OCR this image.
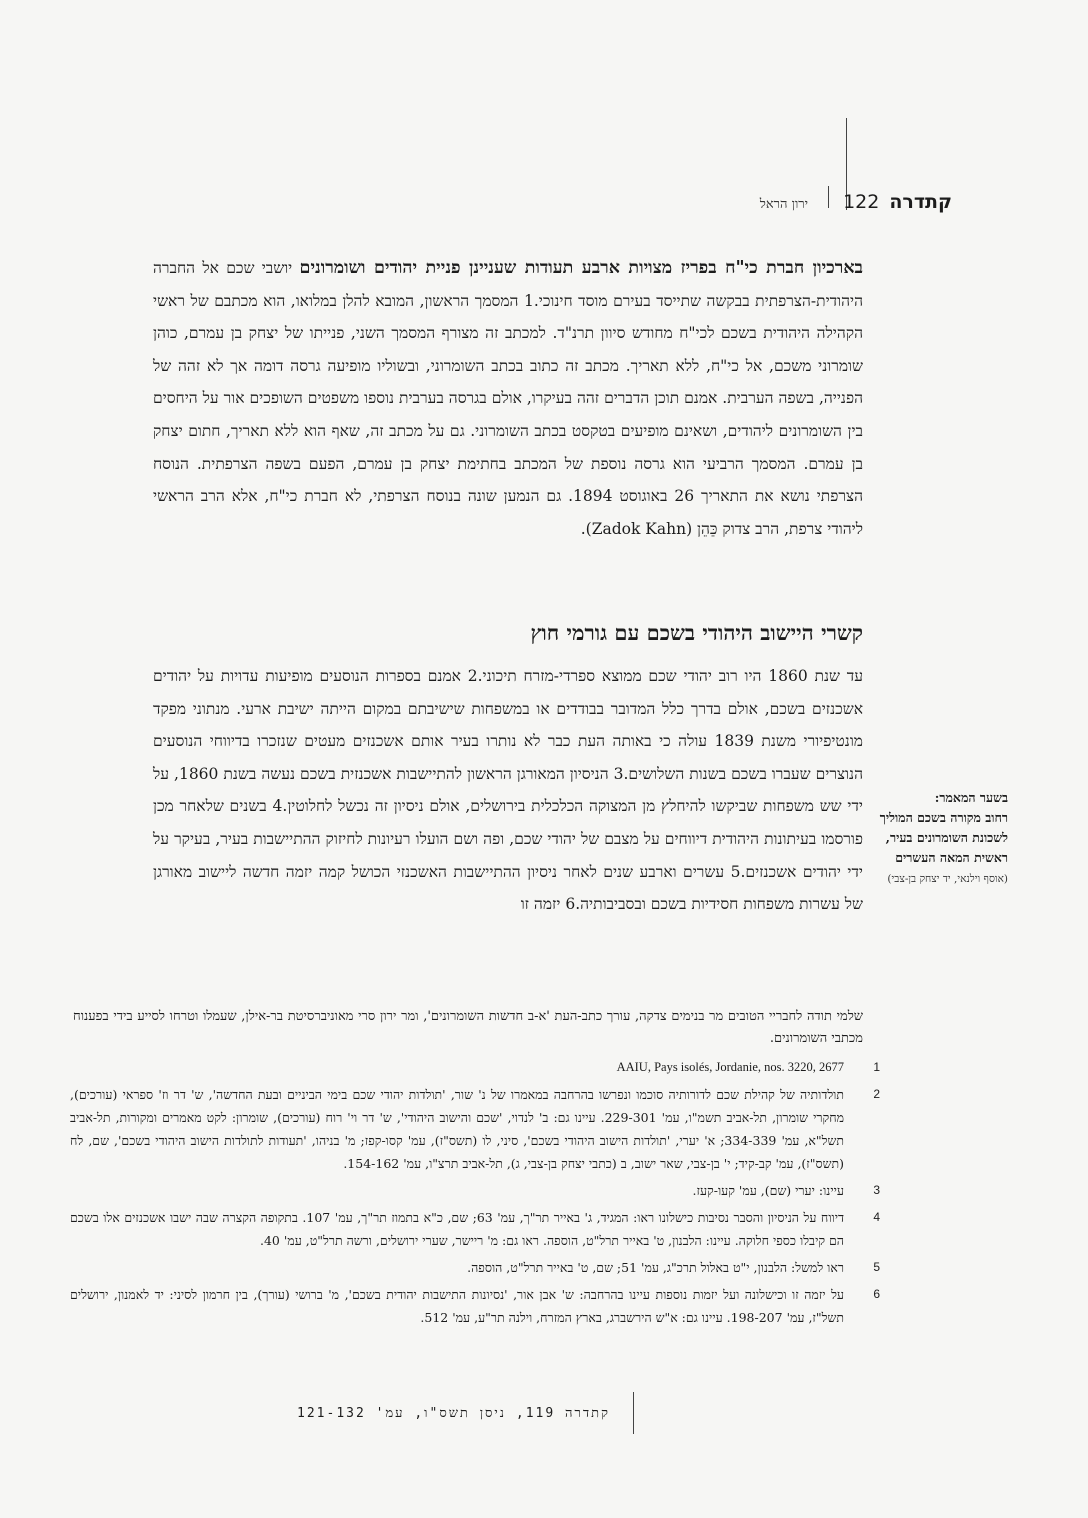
קתדרה
122
ירון הראל

בארכיון חברת כי"ח בפריז מצויות ארבע תעודות שעניינן פניית יהודים ושומרונים יושבי שכם אל החברה היהודית-הצרפתית בבקשה שתייסד בעירם מוסד חינוכי.1 המסמך הראשון, המובא להלן במלואו, הוא מכתבם של ראשי הקהילה היהודית בשכם לכי"ח מחודש סיוון תרנ"ד. למכתב זה מצורף המסמך השני, פנייתו של יצחק בן עמרם, כוהן שומרוני משכם, אל כי"ח, ללא תאריך. מכתב זה כתוב בכתב השומרוני, ובשוליו מופיעה גרסה דומה אך לא זהה של הפנייה, בשפה הערבית. אמנם תוכן הדברים זהה בעיקרו, אולם בגרסה בערבית נוספו משפטים השופכים אור על היחסים בין השומרונים ליהודים, ושאינם מופיעים בטקסט בכתב השומרוני. גם על מכתב זה, שאף הוא ללא תאריך, חתום יצחק בן עמרם. המסמך הרביעי הוא גרסה נוספת של המכתב בחתימת יצחק בן עמרם, הפעם בשפה הצרפתית. הנוסח הצרפתי נושא את התאריך 26 באוגוסט 1894. גם הנמען שונה בנוסח הצרפתי, לא חברת כי"ח, אלא הרב הראשי ליהודי צרפת, הרב צדוק כֵּהֵן (Zadok Kahn).

קשרי היישוב היהודי בשכם עם גורמי חוץ

עד שנת 1860 היו רוב יהודי שכם ממוצא ספרדי-מזרח תיכוני.2 אמנם בספרות הנוסעים מופיעות עדויות על יהודים אשכנזים בשכם, אולם בדרך כלל המדובר בבודדים או במשפחות שישיבתם במקום הייתה ישיבת ארעי. מנתוני מפקד מונטיפיורי משנת 1839 עולה כי באותה העת כבר לא נותרו בעיר אותם אשכנזים מעטים שנזכרו בדיווחי הנוסעים הנוצרים שעברו בשכם בשנות השלושים.3 הניסיון המאורגן הראשון להתיישבות אשכנזית בשכם נעשה בשנת 1860, על ידי שש משפחות שביקשו להיחלץ מן המצוקה הכלכלית בירושלים, אולם ניסיון זה נכשל לחלוטין.4 בשנים שלאחר מכן פורסמו בעיתונות היהודית דיווחים על מצבם של יהודי שכם, ופה ושם הועלו רעיונות לחיזוק ההתיישבות בעיר, בעיקר על ידי יהודים אשכנזים.5 עשרים וארבע שנים לאחר ניסיון ההתיישבות האשכנזי הכושל קמה יזמה חדשה ליישוב מאורגן של עשרות משפחות חסידיות בשכם ובסביבותיה.6 יזמה זו

בשער המאמר:
רחוב מקורה בשכם המוליך לשכונת השומרונים בעיר, ראשית המאה העשרים
(אוסף וילנאי, יד יצחק בן-צבי)
שלמי תודה לחבריי הטובים מר בנימים צדקה, עורך כתב-העת 'א-ב חדשות השומרונים', ומר ירון סרי מאוניברסיטת בר-אילן, שעמלו וטרחו לסייע בידי בפענוח מכתבי השומרונים.
1
AAIU, Pays isolés, Jordanie, nos. 3220, 2677
2
תולדותיה של קהילת שכם לדורותיה סוכמו ונפרשו בהרחבה במאמרו של נ' שור, 'תולדות יהודי שכם בימי הביניים ובעת החדשה', ש' דר וז' ספראי (עורכים), מחקרי שומרון, תל-אביב תשמ"ו, עמ' 229-301. עיינו גם: ב' לנדוי, 'שכם והישוב היהודי', ש' דר וי' רוח (עורכים), שומרון: לקט מאמרים ומקורות, תל-אביב תשל"א, עמ' 334-339; א' יערי, 'תולדות הישוב היהודי בשכם', סיני, לו (תשס"ז), עמ' קסו-קפז; מ' בניהו, 'תעודות לתולדות הישוב היהודי בשכם', שם, לח (תשס"ז), עמ' קב-קיד; י' בן-צבי, שאר ישוב, ב (כתבי יצחק בן-צבי, ג), תל-אביב תרצ"ו, עמ' 154-162.
3
עיינו: יערי (שם), עמ' קעו-קעז.
4
דיווח על הניסיון והסבר נסיבות כישלונו ראו: המגיד, ג' באייר תר"ך, עמ' 63; שם, כ"א בתמוז תר"ך, עמ' 107. בתקופה הקצרה שבה ישבו אשכנזים אלו בשכם הם קיבלו כספי חלוקה. עיינו: הלבנון, ט' באייר תרל"ט, הוספה. ראו גם: מ' ריישר, שערי ירושלים, ורשה תרל"ט, עמ' 40.
5
ראו למשל: הלבנון, י"ט באלול תרכ"ג, עמ' 51; שם, ט' באייר תרל"ט, הוספה.
6
על יזמה זו וכישלונה ועל יזמות נוספות עיינו בהרחבה: ש' אבן אור, 'נסיונות התישבות יהודית בשכם', מ' ברושי (עורך), בין חרמון לסיני: יד לאמנון, ירושלים תשל"ז, עמ' 198-207. עיינו גם: א"ש הירשברג, בארץ המזרח, וילנה תר"ע, עמ' 512.
קתדרה 119, ניסן תשס"ו, עמ' 121-132
